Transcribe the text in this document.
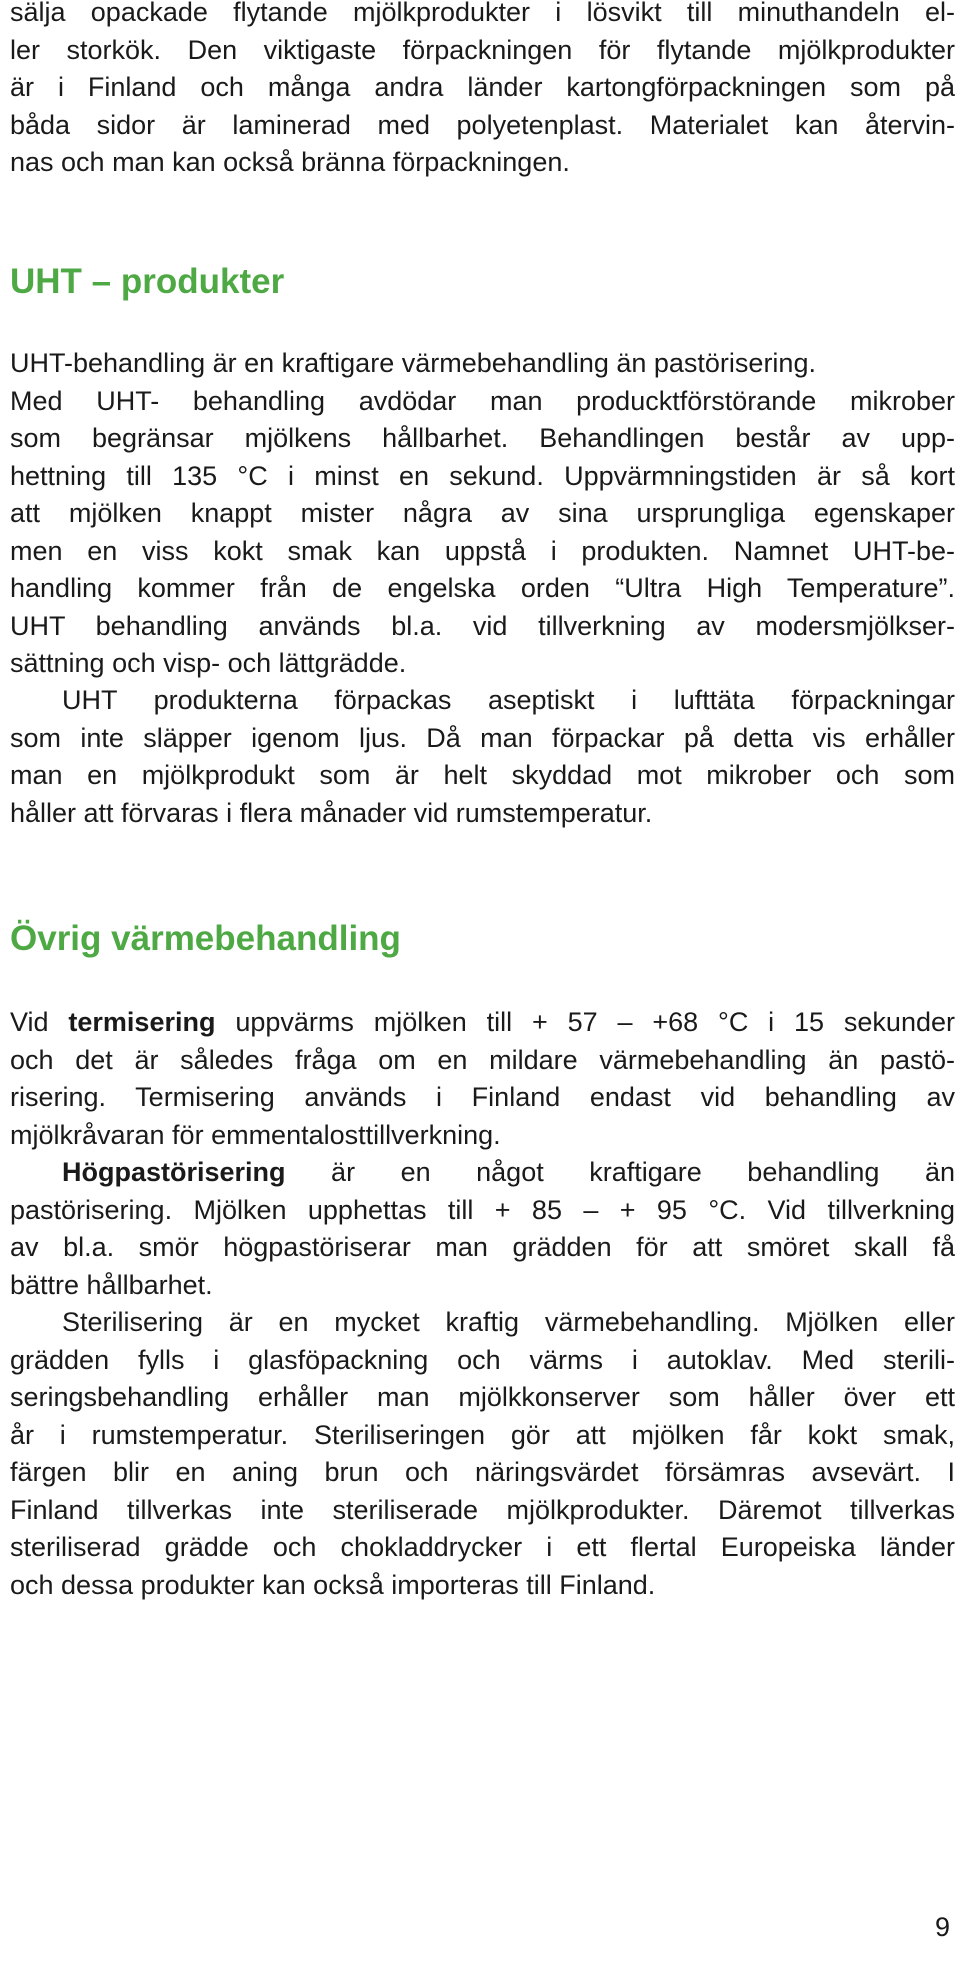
sälja opackade flytande mjölkprodukter i lösvikt till minuthandeln el-
ler storkök. Den viktigaste förpackningen för flytande mjölkprodukter
är i Finland och många andra länder kartongförpackningen som på
båda sidor är laminerad med polyetenplast. Materialet kan återvin-
nas och man kan också bränna förpackningen.

UHT – produkter

UHT-behandling är en kraftigare värmebehandling än pastörisering.
Med UHT- behandling avdödar man producktförstörande mikrober
som begränsar mjölkens hållbarhet. Behandlingen består av upp-
hettning till 135 °C i minst en sekund. Uppvärmningstiden är så kort
att mjölken knappt mister några av sina ursprungliga egenskaper
men en viss kokt smak kan uppstå i produkten. Namnet UHT-be-
handling kommer från de engelska orden “Ultra High Temperature”.
UHT behandling används bl.a. vid tillverkning av modersmjölkser-
sättning och visp- och lättgrädde.

UHT produkterna förpackas aseptiskt i lufttäta förpackningar
som inte släpper igenom ljus. Då man förpackar på detta vis erhåller
man en mjölkprodukt som är helt skyddad mot mikrober och som
håller att förvaras i flera månader vid rumstemperatur.

Övrig värmebehandling

Vid termisering uppvärms mjölken till + 57 – +68 °C i 15 sekunder
och det är således fråga om en mildare värmebehandling än pastö-
risering. Termisering används i Finland endast vid behandling av
mjölkråvaran för emmentalosttillverkning.

Högpastörisering är en något kraftigare behandling än
pastörisering. Mjölken upphettas till + 85 – + 95 °C. Vid tillverkning
av bl.a. smör högpastöriserar man grädden för att smöret skall få
bättre hållbarhet.

Sterilisering är en mycket kraftig värmebehandling. Mjölken eller
grädden fylls i glasföpackning och värms i autoklav. Med sterili-
seringsbehandling erhåller man mjölkkonserver som håller över ett
år i rumstemperatur. Steriliseringen gör att mjölken får kokt smak,
färgen blir en aning brun och näringsvärdet försämras avsevärt. I
Finland tillverkas inte steriliserade mjölkprodukter. Däremot tillverkas
steriliserad grädde och chokladdrycker i ett flertal Europeiska länder
och dessa produkter kan också importeras till Finland.

9
